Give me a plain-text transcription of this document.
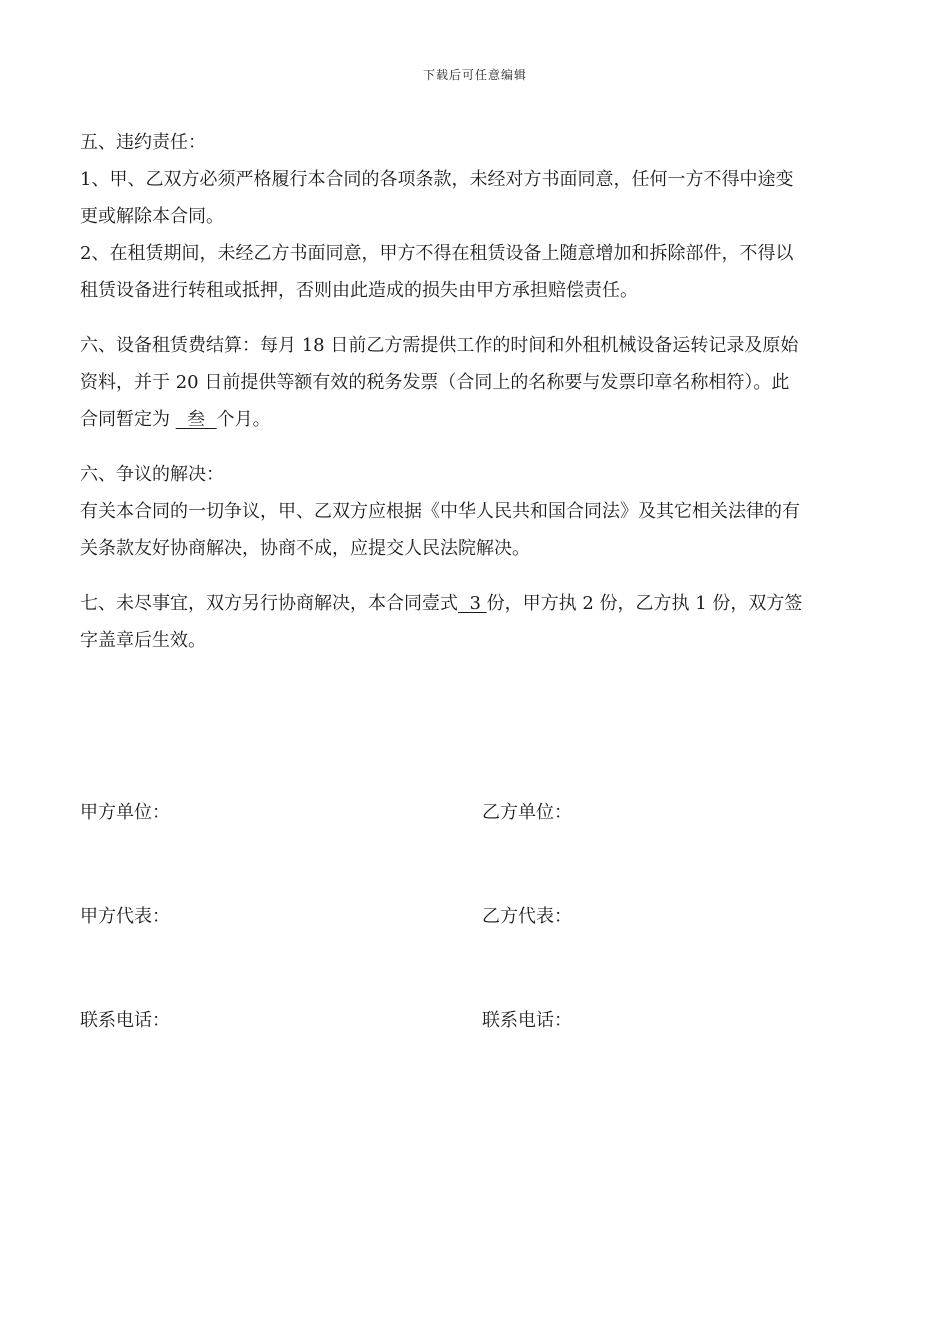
下载后可任意编辑

五、违约责任：

1、甲、乙双方必须严格履行本合同的各项条款，未经对方书面同意，任何一方不得中途变

更或解除本合同。

2、在租赁期间，未经乙方书面同意，甲方不得在租赁设备上随意增加和拆除部件，不得以

租赁设备进行转租或抵押，否则由此造成的损失由甲方承担赔偿责任。

六、设备租赁费结算：每月 18 日前乙方需提供工作的时间和外租机械设备运转记录及原始

资料，并于 20 日前提供等额有效的税务发票（合同上的名称要与发票印章名称相符）。此

合同暂定为   叁  个月。

六、争议的解决：

有关本合同的一切争议，甲、乙双方应根据《中华人民共和国合同法》及其它相关法律的有

关条款友好协商解决，协商不成，应提交人民法院解决。

七、未尽事宜，双方另行协商解决，本合同壹式  3 份，甲方执 2 份，乙方执 1 份，双方签

字盖章后生效。

甲方单位：	乙方单位：
甲方代表：	乙方代表：
联系电话：	联系电话：
